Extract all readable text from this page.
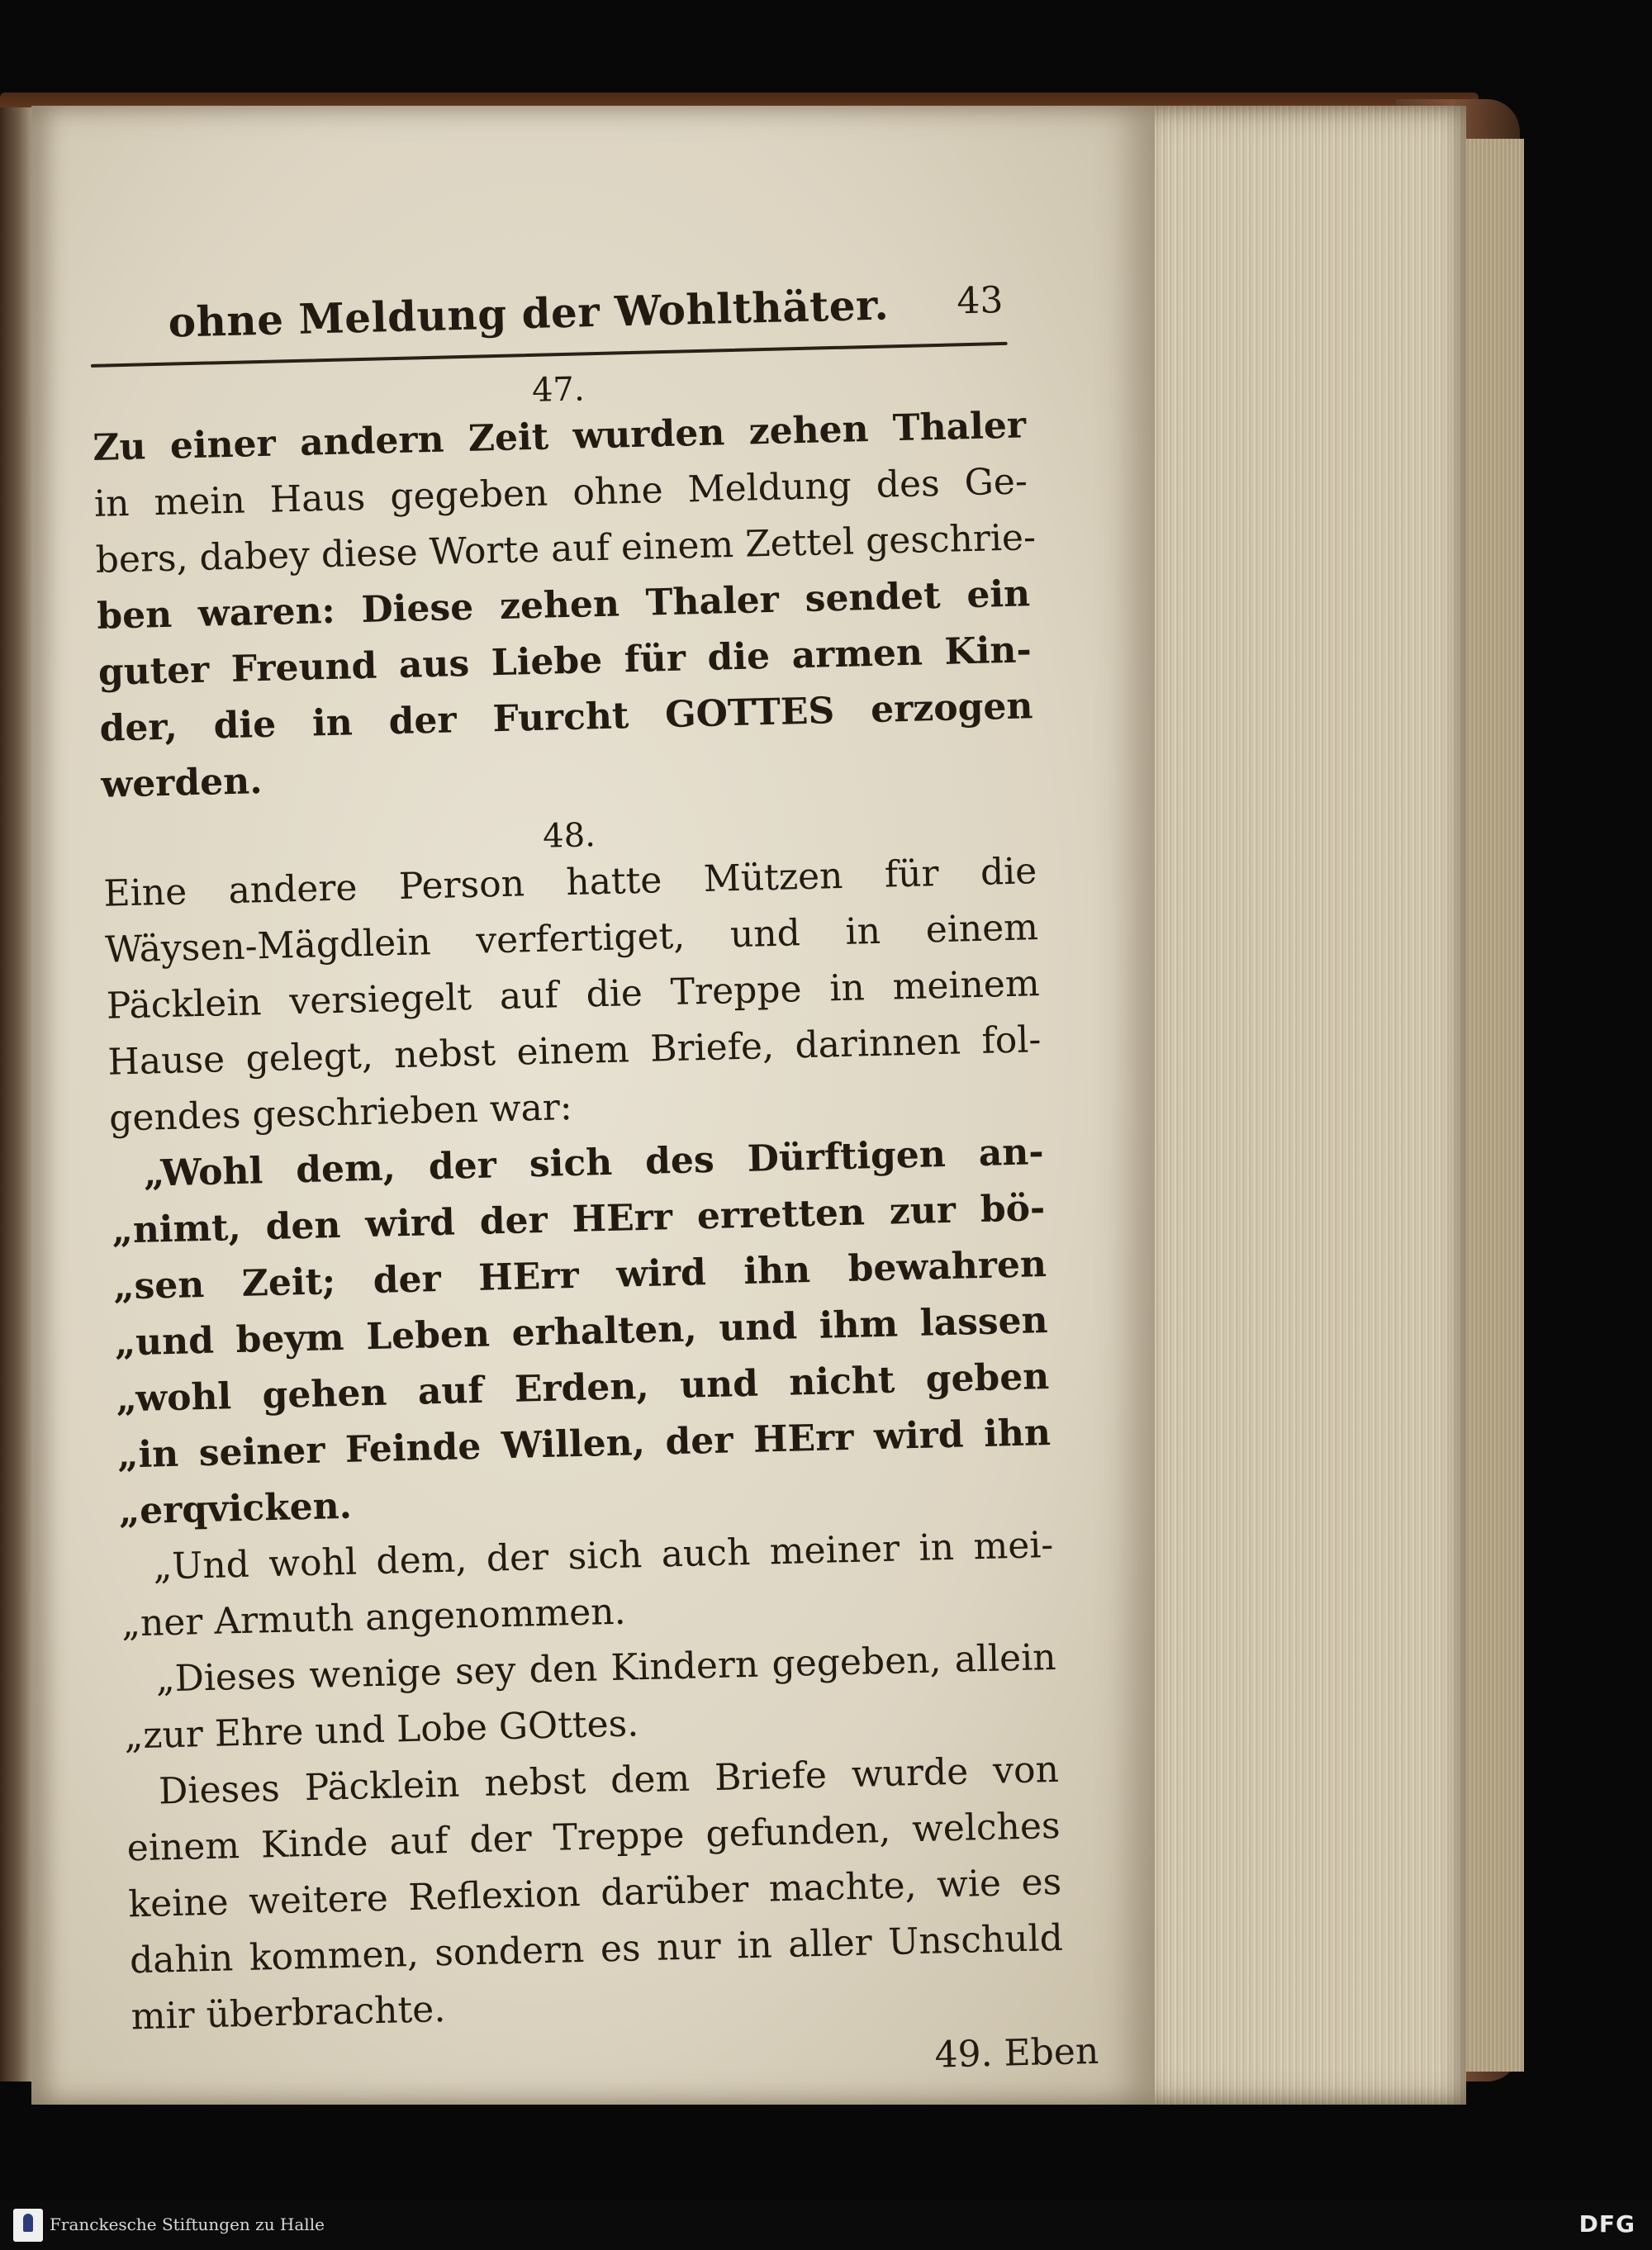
ohne Meldung der Wohlthäter. 43
47.
Zu einer andern Zeit wurden zehen Thaler
in mein Haus gegeben ohne Meldung des Ge-
bers, dabey diese Worte auf einem Zettel geschrie-
ben waren: Diese zehen Thaler sendet ein
guter Freund aus Liebe für die armen Kin-
der, die in der Furcht GOTTES erzogen
werden.
48.
Eine andere Person hatte Mützen für die
Wäysen-Mägdlein verfertiget, und in einem
Päcklein versiegelt auf die Treppe in meinem
Hause gelegt, nebst einem Briefe, darinnen fol-
gendes geschrieben war:
„Wohl dem, der sich des Dürftigen an-
„nimt, den wird der HErr erretten zur bö-
„sen Zeit; der HErr wird ihn bewahren
„und beym Leben erhalten, und ihm lassen
„wohl gehen auf Erden, und nicht geben
„in seiner Feinde Willen, der HErr wird ihn
„erqvicken.
„Und wohl dem, der sich auch meiner in mei-
„ner Armuth angenommen.
„Dieses wenige sey den Kindern gegeben, allein
„zur Ehre und Lobe GOttes.
Dieses Päcklein nebst dem Briefe wurde von
einem Kinde auf der Treppe gefunden, welches
keine weitere Reflexion darüber machte, wie es
dahin kommen, sondern es nur in aller Unschuld
mir überbrachte.
49. Eben
Franckesche Stiftungen zu Halle	DFG
